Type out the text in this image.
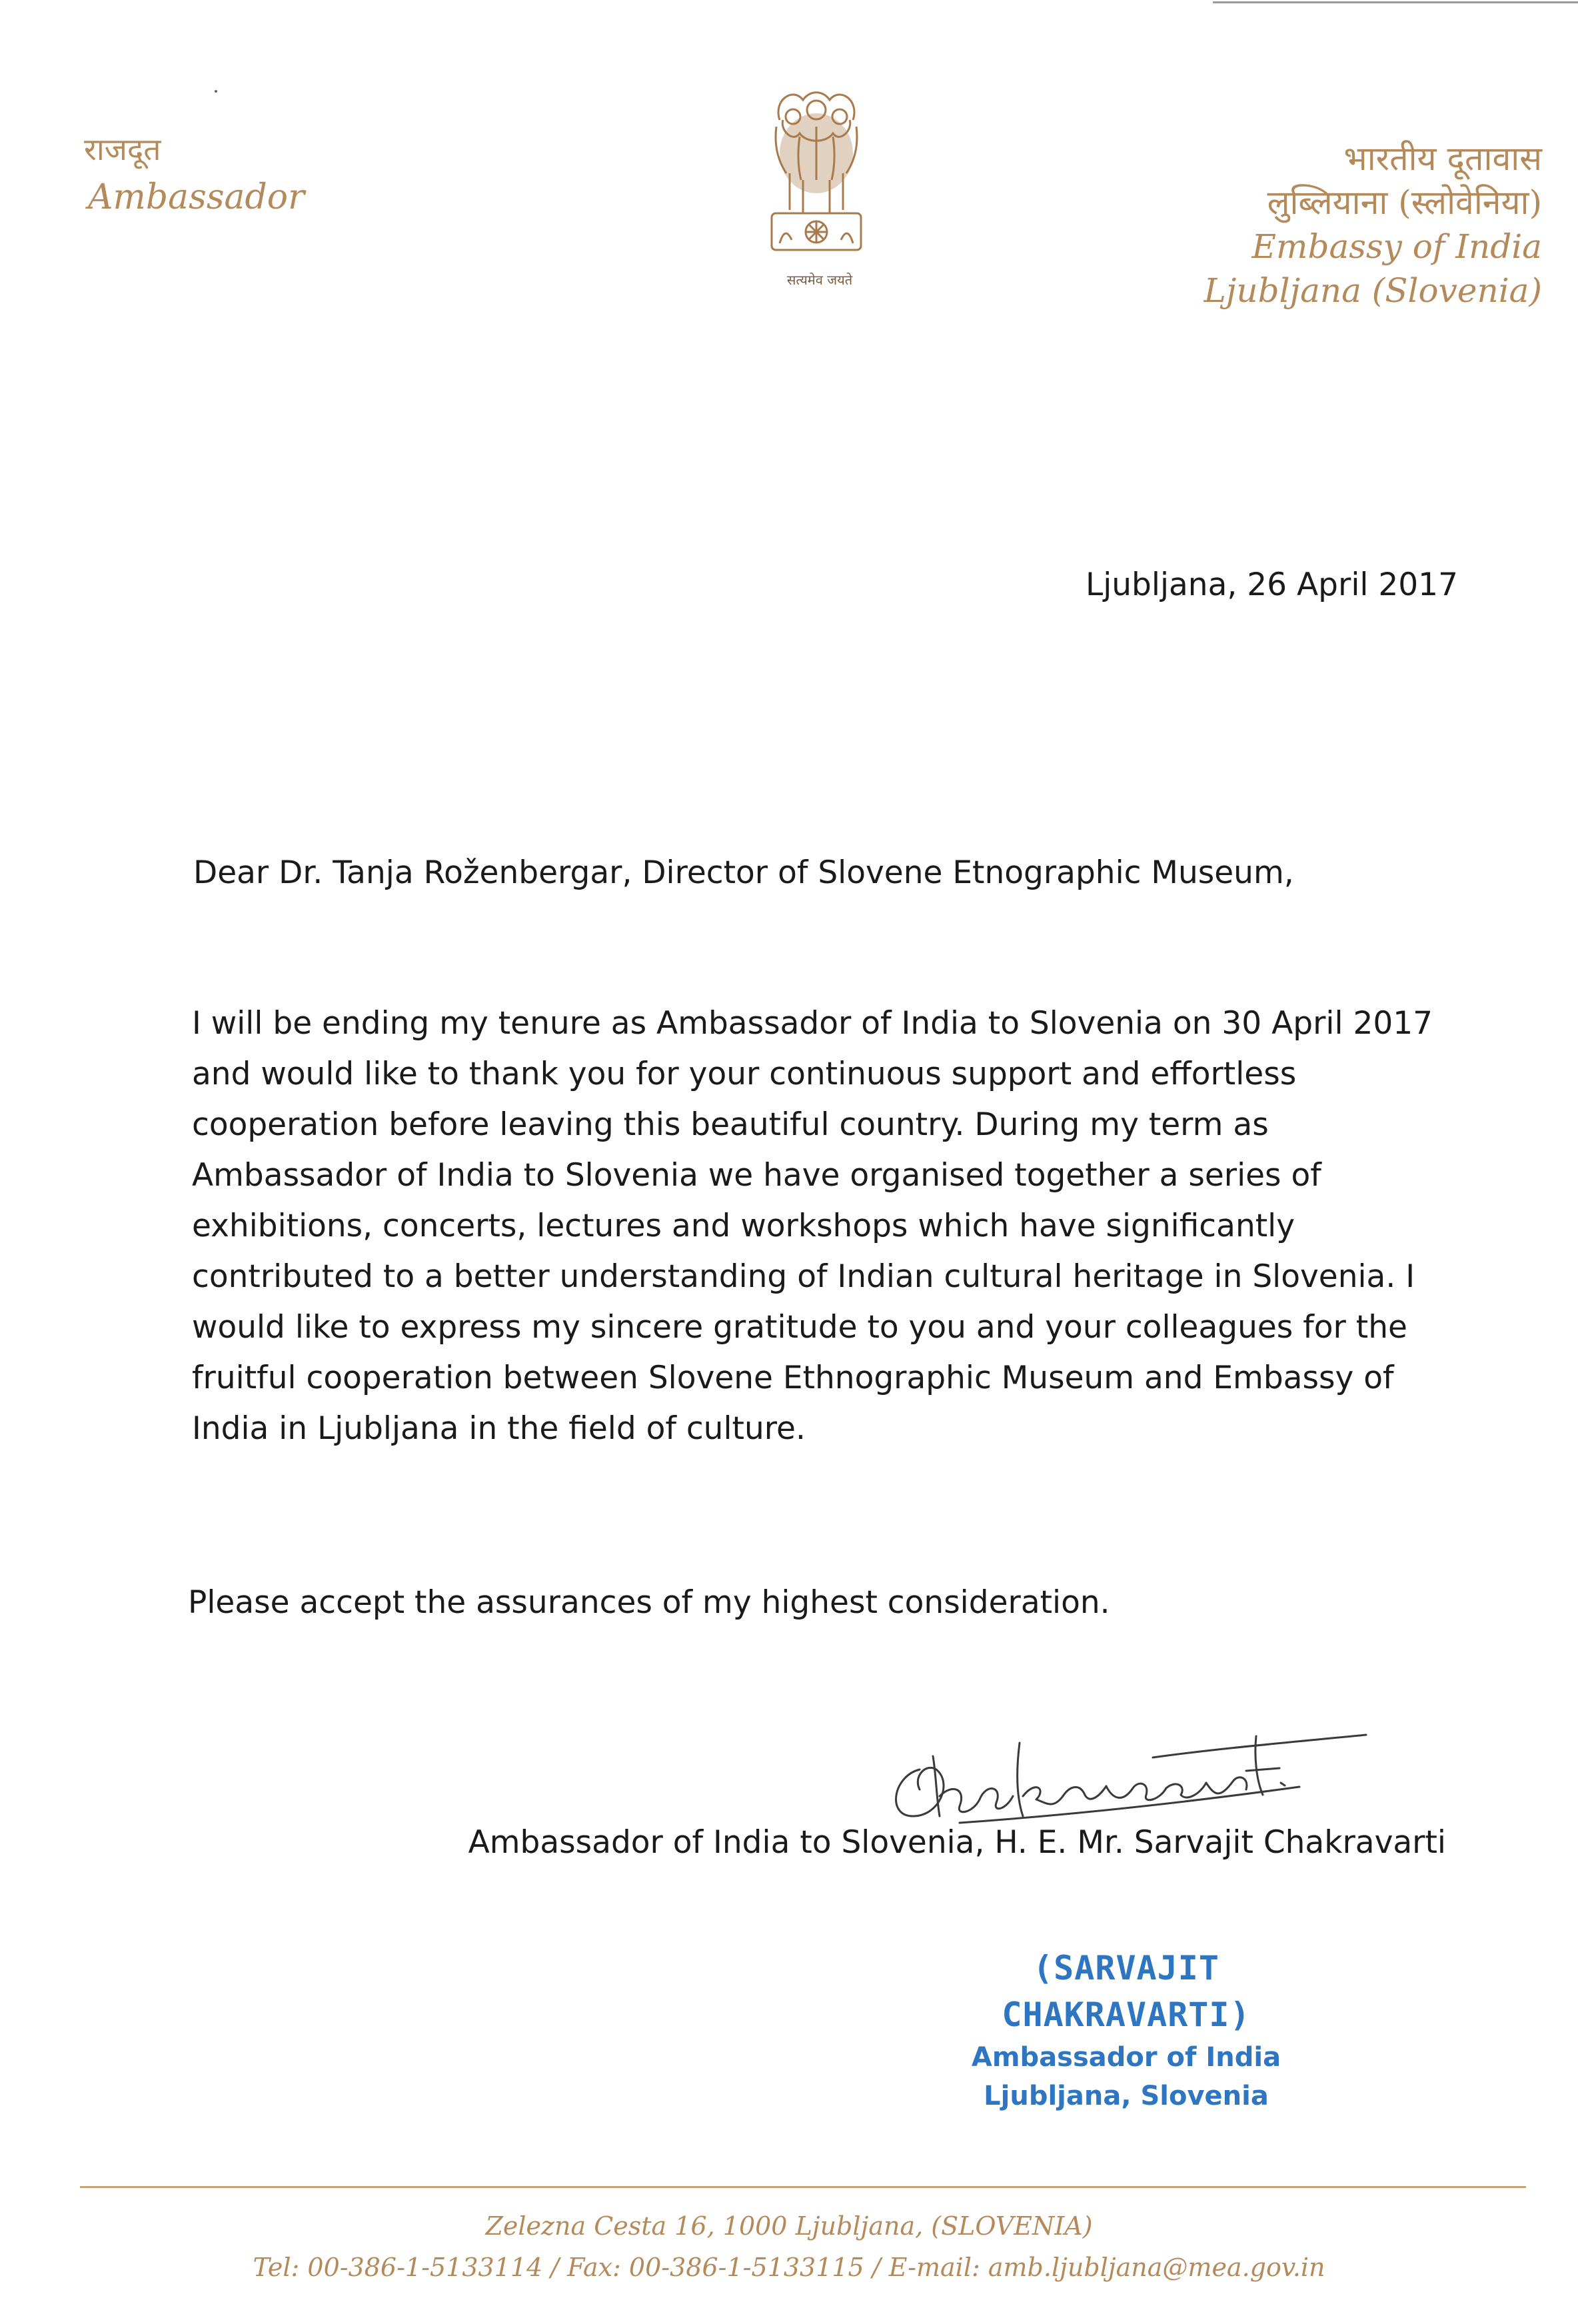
राजदूत
Ambassador
सत्यमेव जयते
भारतीय दूतावास
लुब्लियाना (स्लोवेनिया)
Embassy of India
Ljubljana (Slovenia)
Ljubljana, 26 April 2017
Dear Dr. Tanja Roženbergar, Director of Slovene Etnographic Museum,
I will be ending my tenure as Ambassador of India to Slovenia on 30 April 2017
and would like to thank you for your continuous support and effortless
cooperation before leaving this beautiful country. During my term as
Ambassador of India to Slovenia we have organised together a series of
exhibitions, concerts, lectures and workshops which have significantly
contributed to a better understanding of Indian cultural heritage in Slovenia. I
would like to express my sincere gratitude to you and your colleagues for the
fruitful cooperation between Slovene Ethnographic Museum and Embassy of
India in Ljubljana in the field of culture.
Please accept the assurances of my highest consideration.
Ambassador of India to Slovenia, H. E. Mr. Sarvajit Chakravarti
(SARVAJIT CHAKRAVARTI)
Ambassador of India
Ljubljana, Slovenia
Zelezna Cesta 16, 1000 Ljubljana, (SLOVENIA)
Tel: 00-386-1-5133114 / Fax: 00-386-1-5133115 / E-mail: amb.ljubljana@mea.gov.in
